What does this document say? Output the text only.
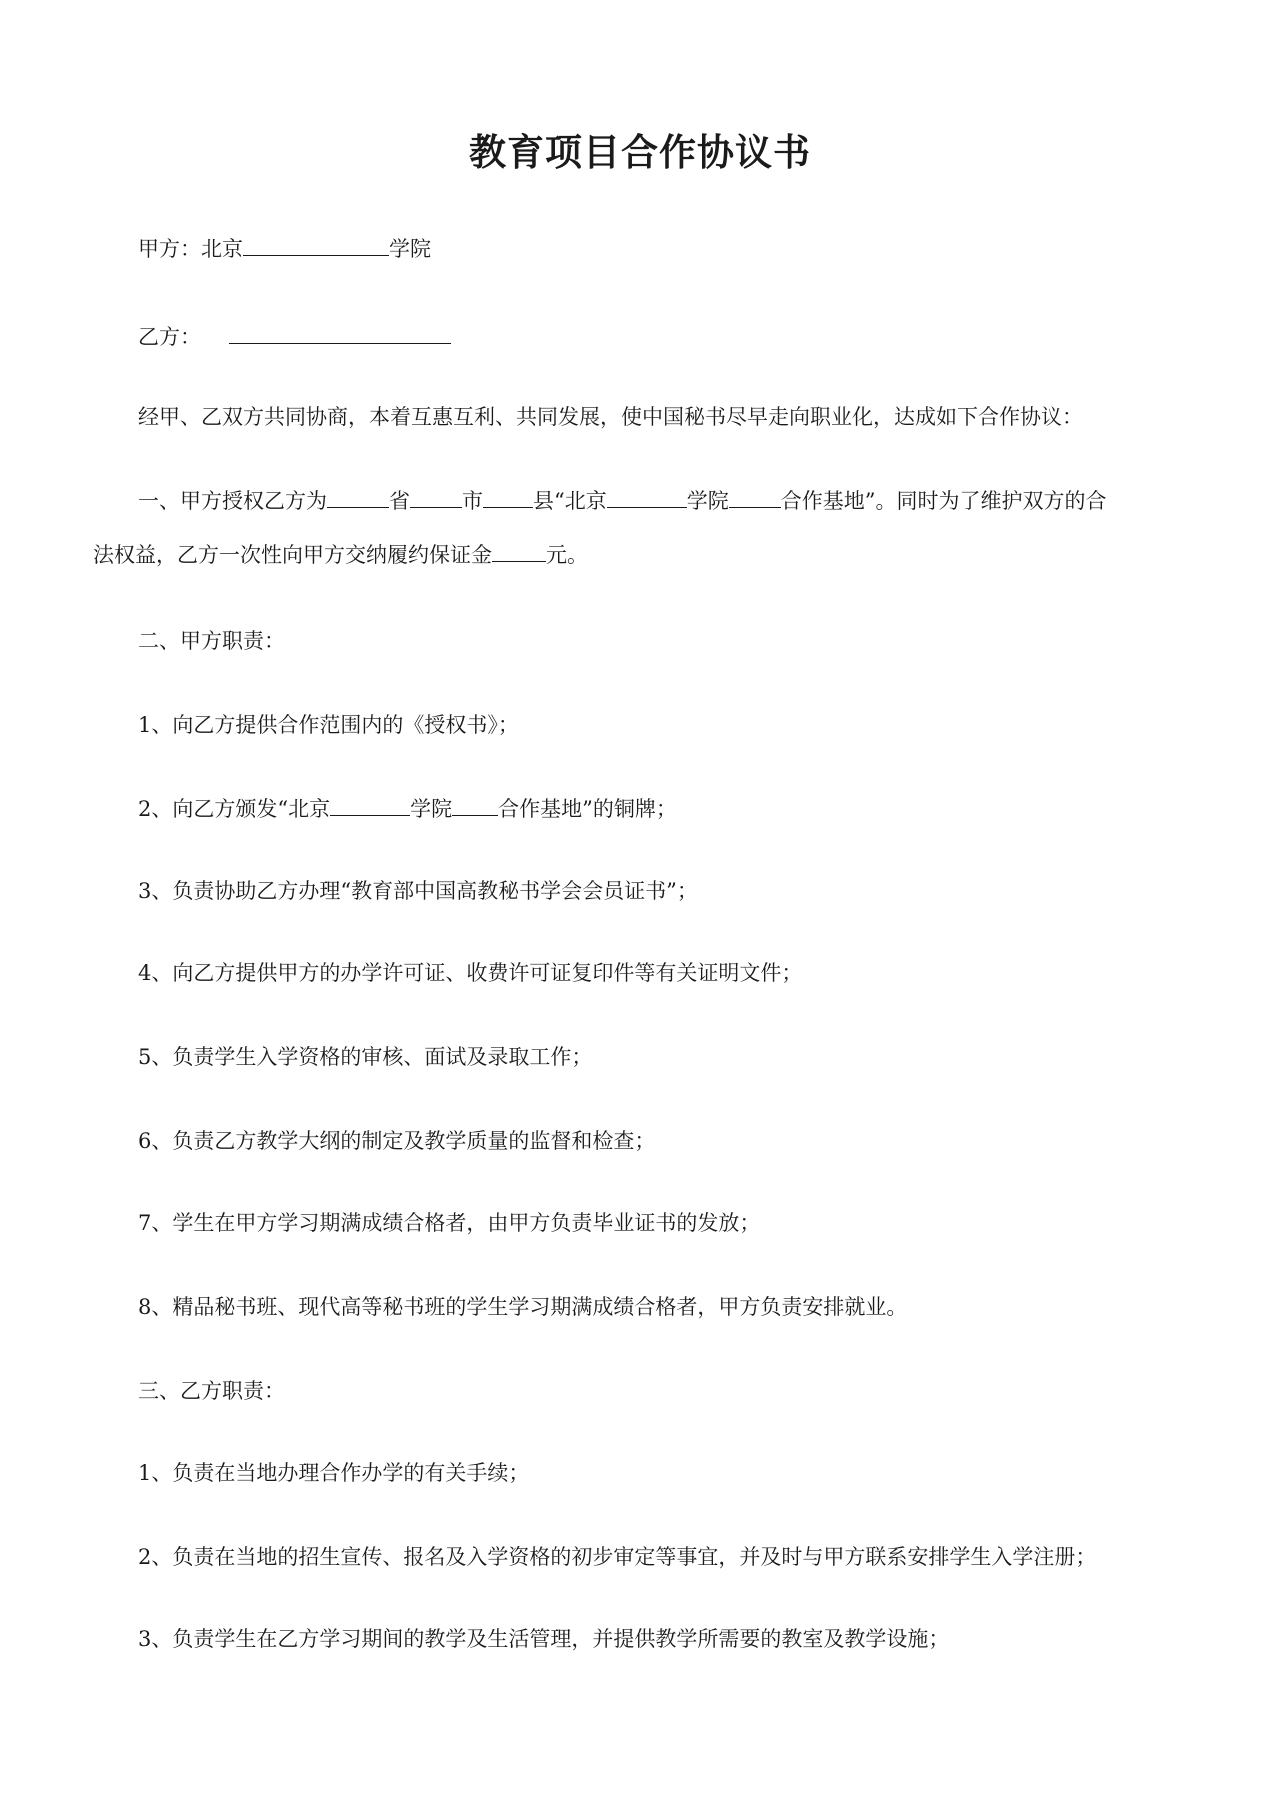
教育项目合作协议书

甲方：北京	学院

乙方：

经甲、乙双方共同协商，本着互惠互利、共同发展，使中国秘书尽早走向职业化，达成如下合作协议：

一、甲方授权乙方为	省 市 县“北京	学院 合作基地”。同时为了维护双方的合

法权益，乙方一次性向甲方交纳履约保证金	元。

二、甲方职责：

1、向乙方提供合作范围内的《授权书》；

2、向乙方颁发“北京	学院 合作基地”的铜牌；

3、负责协助乙方办理“教育部中国高教秘书学会会员证书”；

4、向乙方提供甲方的办学许可证、收费许可证复印件等有关证明文件；

5、负责学生入学资格的审核、面试及录取工作；

6、负责乙方教学大纲的制定及教学质量的监督和检查；

7、学生在甲方学习期满成绩合格者，由甲方负责毕业证书的发放；

8、精品秘书班、现代高等秘书班的学生学习期满成绩合格者，甲方负责安排就业。

三、乙方职责：

1、负责在当地办理合作办学的有关手续；

2、负责在当地的招生宣传、报名及入学资格的初步审定等事宜，并及时与甲方联系安排学生入学注册；

3、负责学生在乙方学习期间的教学及生活管理，并提供教学所需要的教室及教学设施；
